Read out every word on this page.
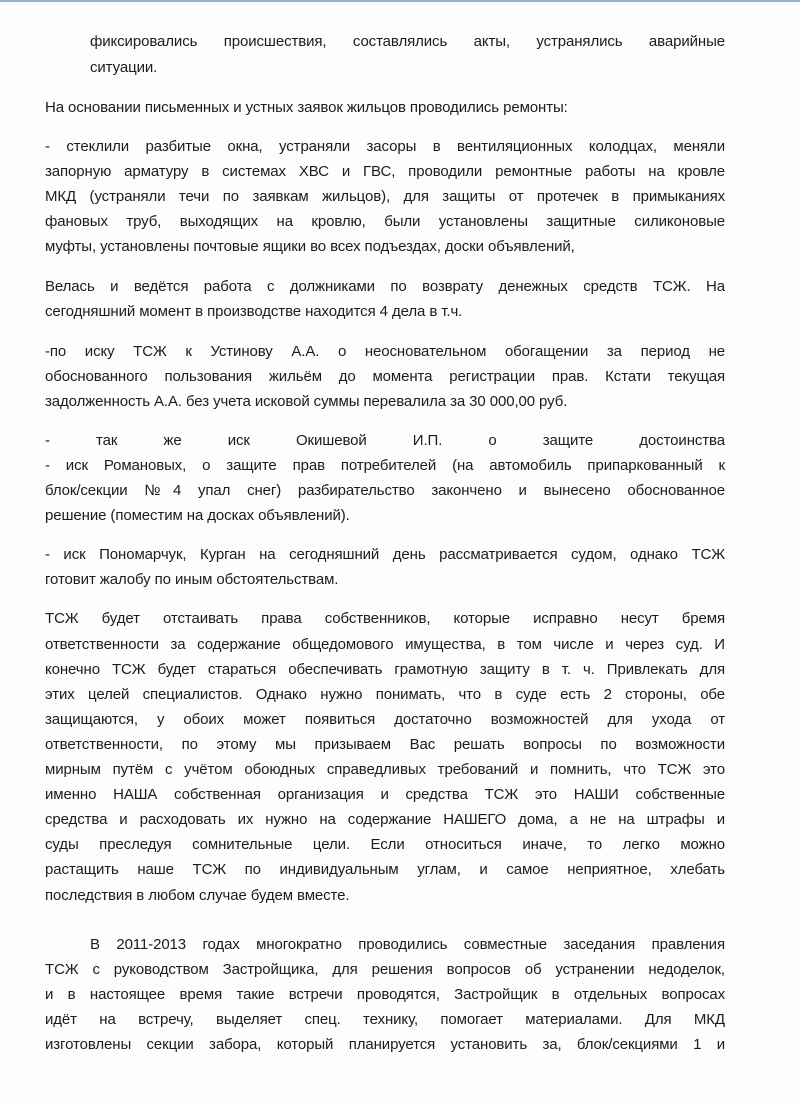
фиксировались происшествия, составлялись акты, устранялись аварийные
ситуации.
На основании письменных и устных заявок жильцов проводились ремонты:
- стеклили разбитые окна, устраняли засоры в вентиляционных колодцах, меняли
запорную арматуру в системах ХВС и ГВС, проводили ремонтные работы на кровле
МКД (устраняли течи по заявкам жильцов), для защиты от протечек в примыканиях
фановых труб, выходящих на кровлю, были установлены защитные силиконовые
муфты, установлены почтовые ящики во всех подъездах, доски объявлений,
Велась и ведётся работа с должниками по возврату денежных средств ТСЖ. На
сегодняшний момент в производстве находится 4 дела в т.ч.
-по иску ТСЖ к Устинову А.А. о неосновательном обогащении за период не
обоснованного пользования жильём до момента регистрации прав. Кстати текущая
задолженность А.А. без учета исковой суммы перевалила за 30 000,00 руб.
- так же иск Окишевой И.П. о защите достоинства
- иск Романовых, о защите прав потребителей (на автомобиль припаркованный к
блок/секции №4 упал снег) разбирательство закончено и вынесено обоснованное
решение (поместим на досках объявлений).
- иск Пономарчук, Курган на сегодняшний день рассматривается судом, однако ТСЖ
готовит жалобу по иным обстоятельствам.
ТСЖ будет отстаивать права собственников, которые исправно несут бремя
ответственности за содержание общедомового имущества, в том числе и через суд. И
конечно ТСЖ будет стараться обеспечивать грамотную защиту в т. ч. Привлекать для
этих целей специалистов. Однако нужно понимать, что в суде есть 2 стороны, обе
защищаются, у обоих может появиться достаточно возможностей для ухода от
ответственности, по этому мы призываем Вас решать вопросы по возможности
мирным путём с учётом обоюдных справедливых требований и помнить, что ТСЖ это
именно НАША собственная организация и средства ТСЖ это НАШИ собственные
средства и расходовать их нужно на содержание НАШЕГО дома, а не на штрафы и
суды преследуя сомнительные цели. Если относиться иначе, то легко можно
растащить наше ТСЖ по индивидуальным углам, и самое неприятное, хлебать
последствия в любом случае будем вместе.
В 2011-2013 годах многократно проводились совместные заседания правления
ТСЖ с руководством Застройщика, для решения вопросов об устранении недоделок,
и в настоящее время такие встречи проводятся, Застройщик в отдельных вопросах
идёт на встречу, выделяет спец. технику, помогает материалами. Для МКД
изготовлены секции забора, который планируется установить за, блок/секциями 1 и
